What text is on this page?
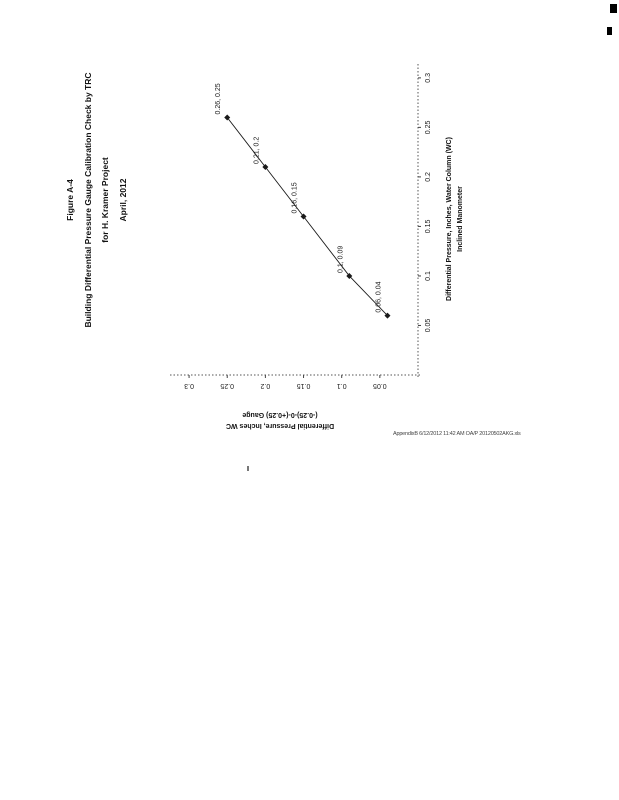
Figure A-4 Building Differential Pressure Gauge Calibration Check by TRC for H. Kramer Project April, 2012
0.05
0.1
0.15
0.2
0.25
0.3
0.05
0.1
0.15
0.2
0.25
0.3
0.06, 0.04
0.1, 0.09
0.16, 0.15
0.21, 0.2
0.26, 0.25
Differential Pressure, Inches, Water Column (WC) Inclined Manometer
Differential Pressure, Inches WC
(-0.25)-0-(+0.25) Gauge
AppendixB 6/12/2012 11:42 AM OA/P 20120502AKG.xls
